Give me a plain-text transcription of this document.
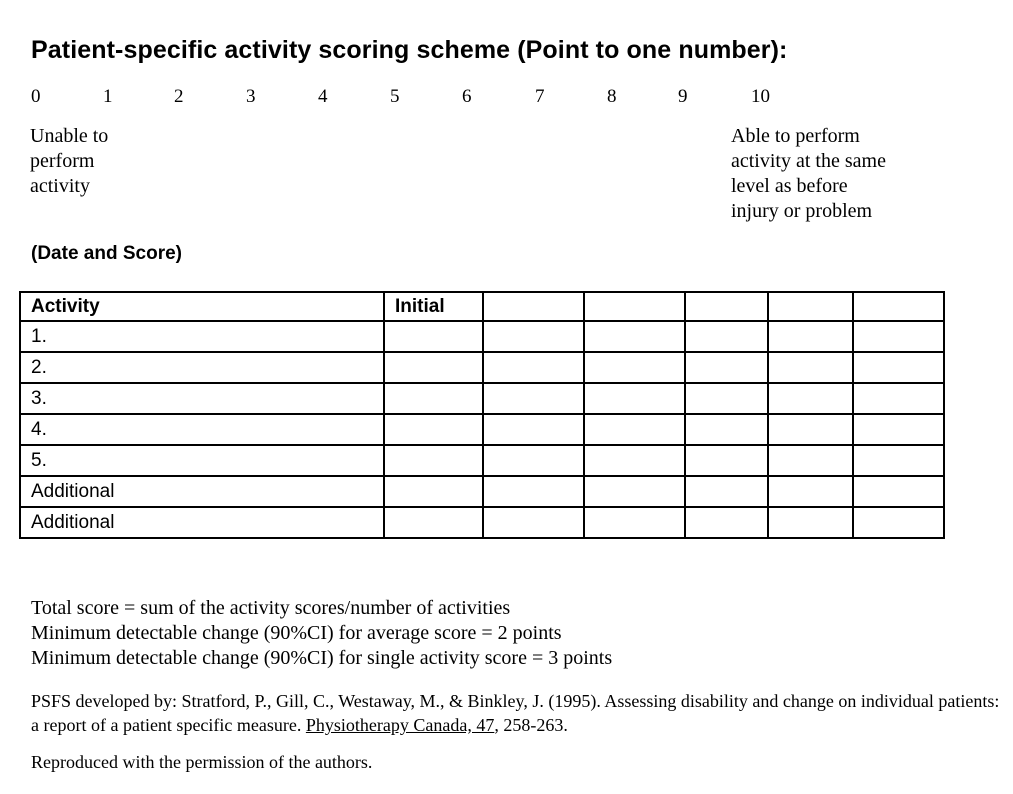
Patient-specific activity scoring scheme (Point to one number):
0	1	2	3	4	5	6	7	8	9	10
Unable to
perform
activity
Able to perform
activity at the same
level as before
injury or problem
(Date and Score)
Activity	Initial					
1.						
2.						
3.						
4.						
5.						
Additional						
Additional						
Total score = sum of the activity scores/number of activities
Minimum detectable change (90%CI) for average score = 2 points
Minimum detectable change (90%CI) for single activity score = 3 points
PSFS developed by: Stratford, P., Gill, C., Westaway, M., & Binkley, J. (1995). Assessing disability and change on individual patients: a report of a patient specific measure. Physiotherapy Canada, 47, 258-263.
Reproduced with the permission of the authors.
